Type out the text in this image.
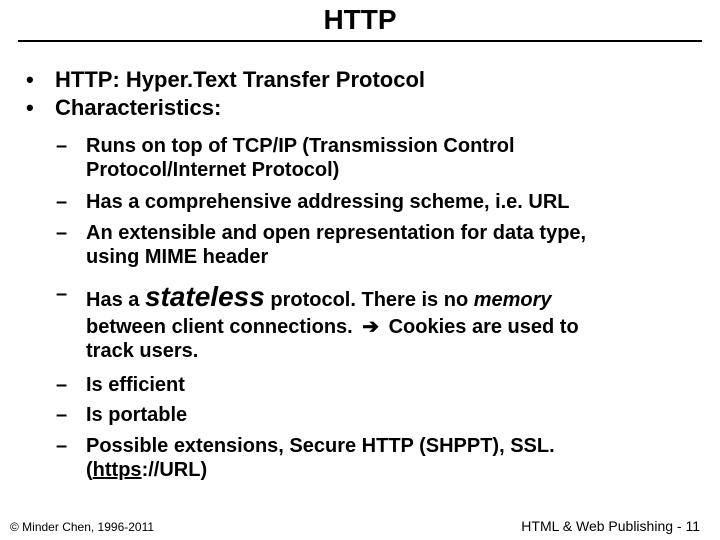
HTTP
• HTTP: Hyper.Text Transfer Protocol
• Characteristics:
– Runs on top of TCP/IP (Transmission Control
Protocol/Internet Protocol)
– Has a comprehensive addressing scheme, i.e. URL
– An extensible and open representation for data type,
using MIME header
– Has a stateless protocol. There is no memory
between client connections. ➔ Cookies are used to
track users.
– Is efficient
– Is portable
– Possible extensions, Secure HTTP (SHPPT), SSL.
(https://URL)
© Minder Chen, 1996-2011	HTML & Web Publishing - 11
